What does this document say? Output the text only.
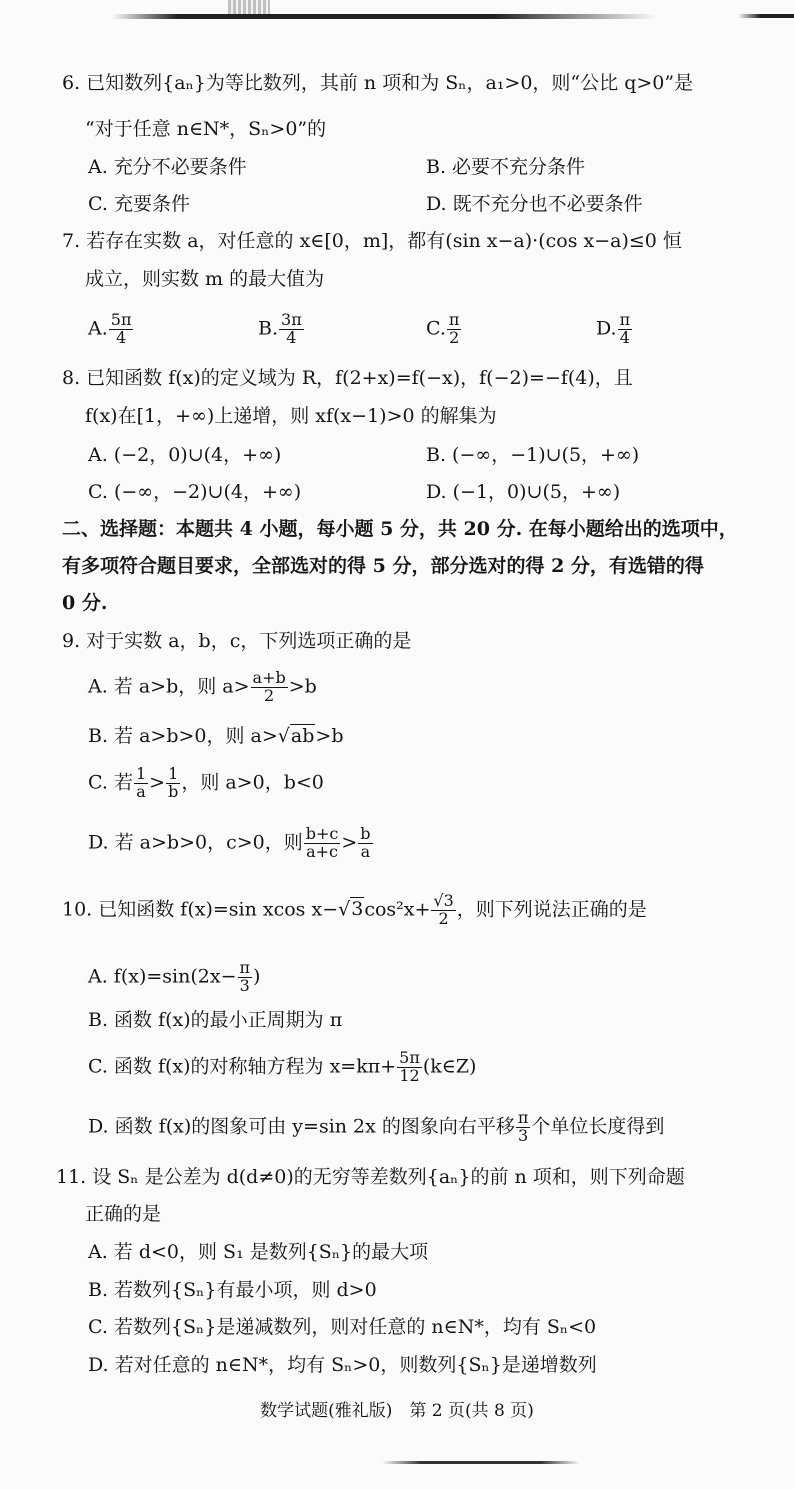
6. 已知数列{aₙ}为等比数列，其前 n 项和为 Sₙ，a₁>0，则“公比 q>0”是
“对于任意 n∈N*，Sₙ>0”的
A. 充分不必要条件	B. 必要不充分条件
C. 充要条件	D. 既不充分也不必要条件
7. 若存在实数 a，对任意的 x∈[0，m]，都有(sin x−a)·(cos x−a)≤0 恒
成立，则实数 m 的最大值为
A. $\frac{5\pi}{4}$	B. $\frac{3\pi}{4}$	C. $\frac{\pi}{2}$	D. $\frac{\pi}{4}$
8. 已知函数 f(x)的定义域为 R，f(2+x)=f(−x)，f(−2)=−f(4)，且
f(x)在[1，+∞)上递增，则 xf(x−1)>0 的解集为
A. (−2，0)∪(4，+∞)	B. (−∞，−1)∪(5，+∞)
C. (−∞，−2)∪(4，+∞)	D. (−1，0)∪(5，+∞)
二、选择题：本题共 4 小题，每小题 5 分，共 20 分. 在每小题给出的选项中，
有多项符合题目要求，全部选对的得 5 分，部分选对的得 2 分，有选错的得
0 分.
9. 对于实数 a，b，c，下列选项正确的是
A. 若 a>b，则 $a> \frac{a+b}{2} >b$
B. 若 a>b>0，则 a>√ab>b
C. 若 $\frac{1}{a} > \frac{1}{b}$ ，则 a>0，b<0
D. 若 a>b>0，c>0，则 $\frac{b+c}{a+c} > \frac{b}{a}$
10. 已知函数 f(x)=sin xcos $x-√3\cos^2x+ \frac{√3}{2}$ ，则下列说法正确的是
A. $f(x)=\sin(2x- \frac{\pi}{3}$ )
B. 函数 f(x)的最小正周期为 π
C. 函数 f(x)的对称轴方程为 $x=k\pi+ \frac{5\pi}{12}$ (k∈Z)
D. 函数 f(x)的图象可由 y=sin 2x 的图象向右平移 $\frac{\pi}{3}$ 个单位长度得到
11. 设 Sₙ 是公差为 d(d≠0)的无穷等差数列{aₙ}的前 n 项和，则下列命题
正确的是
A. 若 d<0，则 S₁ 是数列{Sₙ}的最大项
B. 若数列{Sₙ}有最小项，则 d>0
C. 若数列{Sₙ}是递减数列，则对任意的 n∈N*，均有 Sₙ<0
D. 若对任意的 n∈N*，均有 Sₙ>0，则数列{Sₙ}是递增数列
数学试题(雅礼版)　第 2 页(共 8 页)
